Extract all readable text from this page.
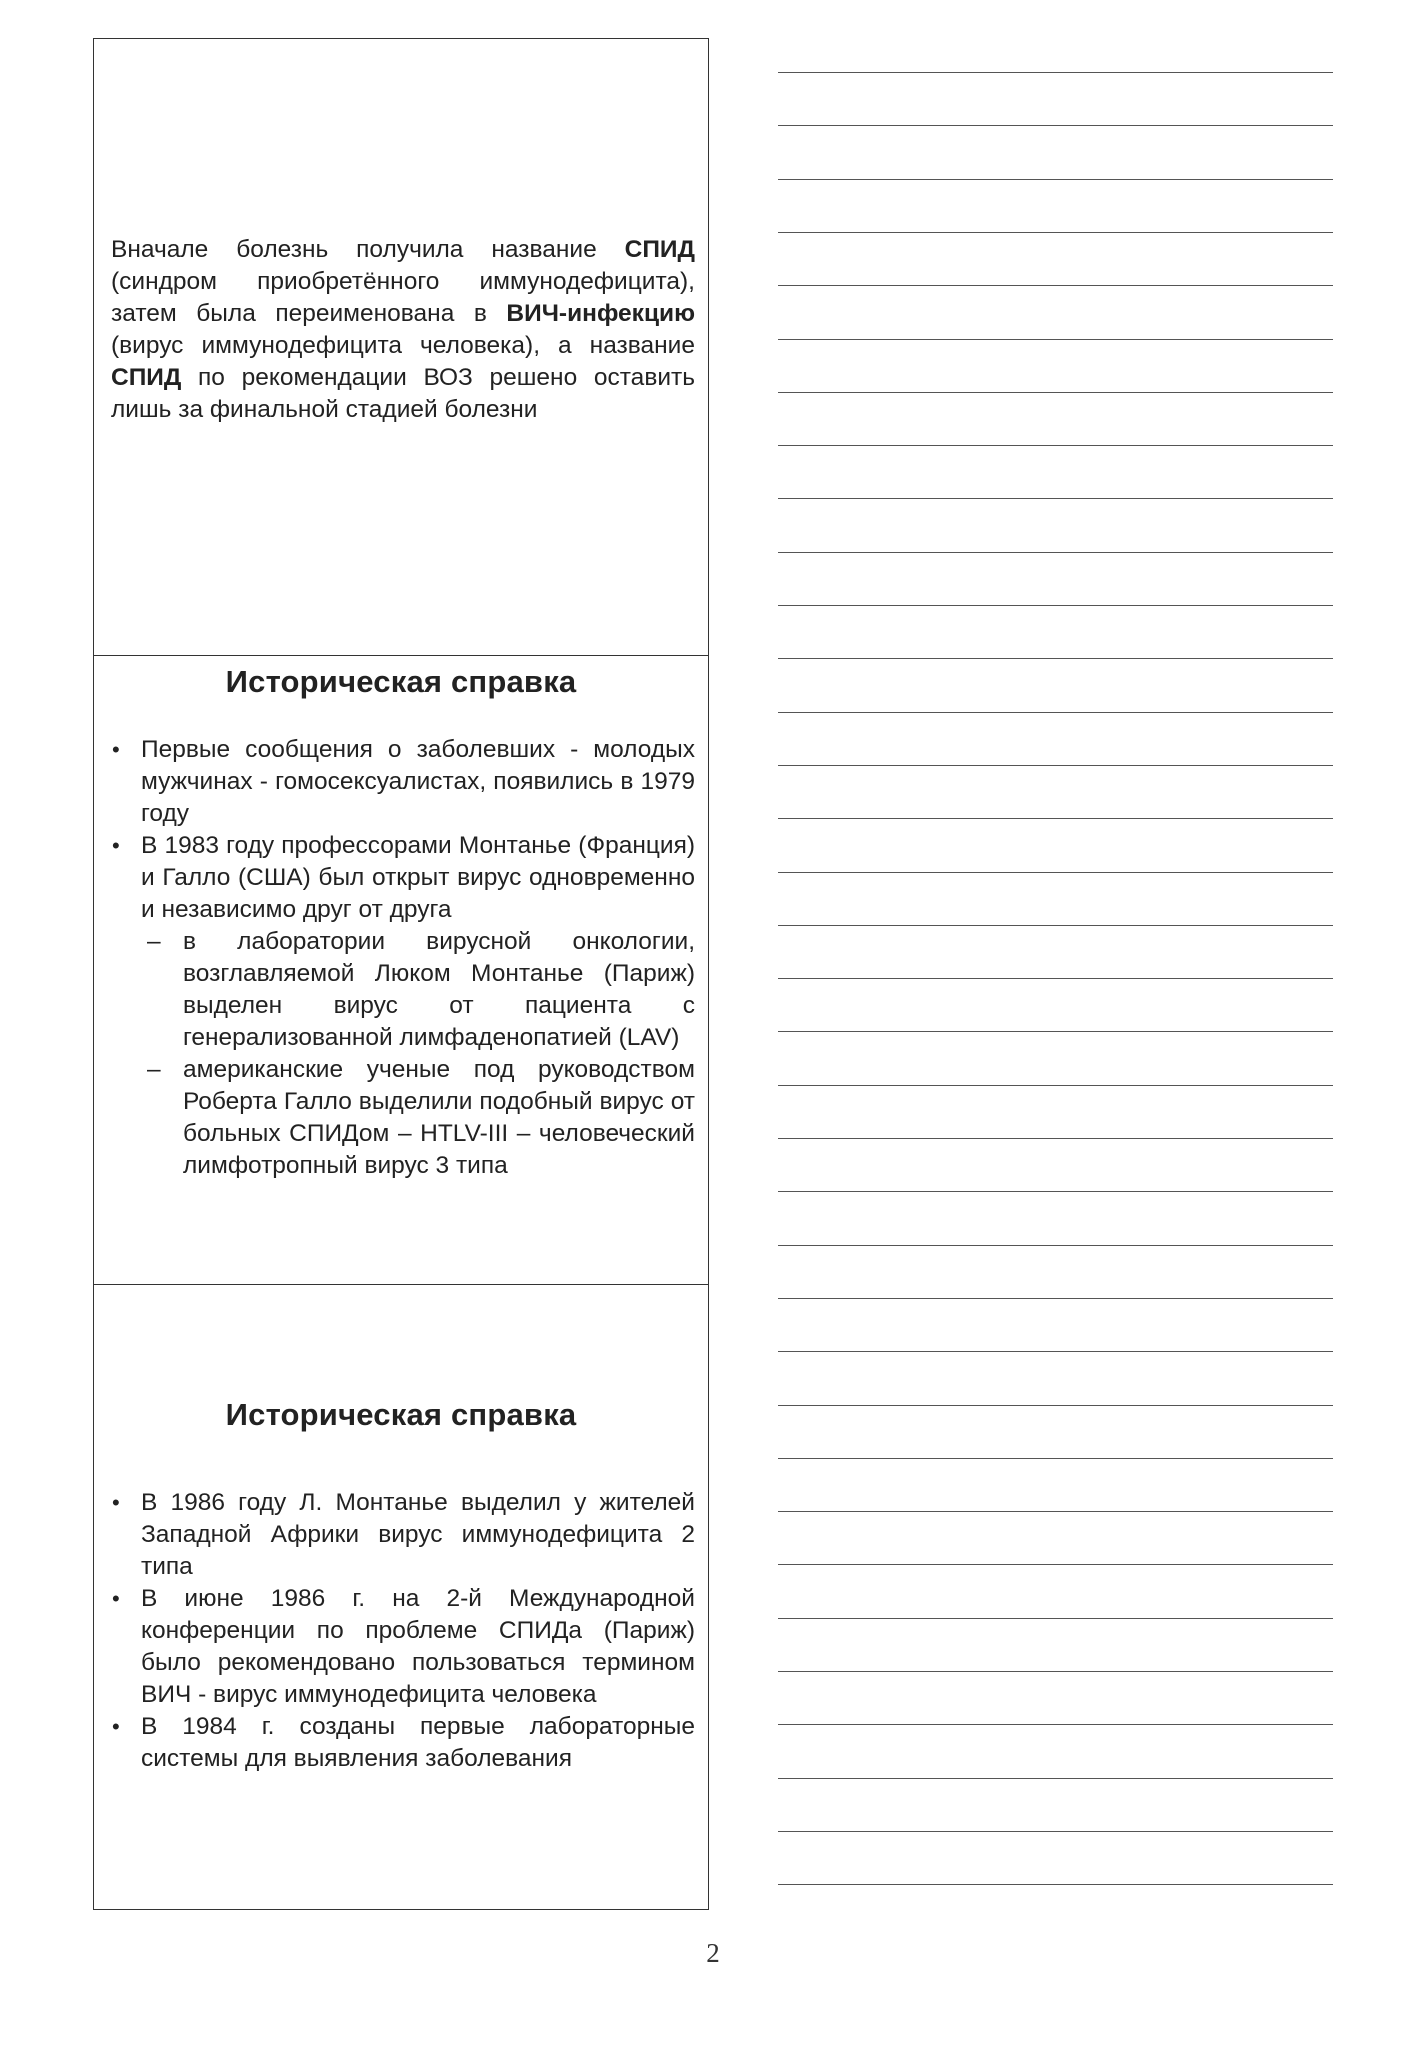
Вначале болезнь получила название СПИД (синдром приобретённого иммунодефицита), затем была переименована в ВИЧ-инфекцию (вирус иммунодефицита человека), а название СПИД по рекомендации ВОЗ решено оставить лишь за финальной стадией болезни

Историческая справка
• Первые сообщения о заболевших - молодых мужчинах - гомосексуалистах, появились в 1979 году
• В 1983 году профессорами Монтанье (Франция) и Галло (США) был открыт вирус одновременно и независимо друг от друга
– в лаборатории вирусной онкологии, возглавляемой Люком Монтанье (Париж) выделен вирус от пациента с генерализованной лимфаденопатией (LAV)
– американские ученые под руководством Роберта Галло выделили подобный вирус от больных СПИДом – HTLV-III – человеческий лимфотропный вирус 3 типа
Историческая справка
• В 1986 году Л. Монтанье выделил у жителей Западной Африки вирус иммунодефицита 2 типа
• В июне 1986 г. на 2-й Международной конференции по проблеме СПИДа (Париж) было рекомендовано пользоваться термином ВИЧ - вирус иммунодефицита человека
• В 1984 г. созданы первые лабораторные системы для выявления заболевания
2
